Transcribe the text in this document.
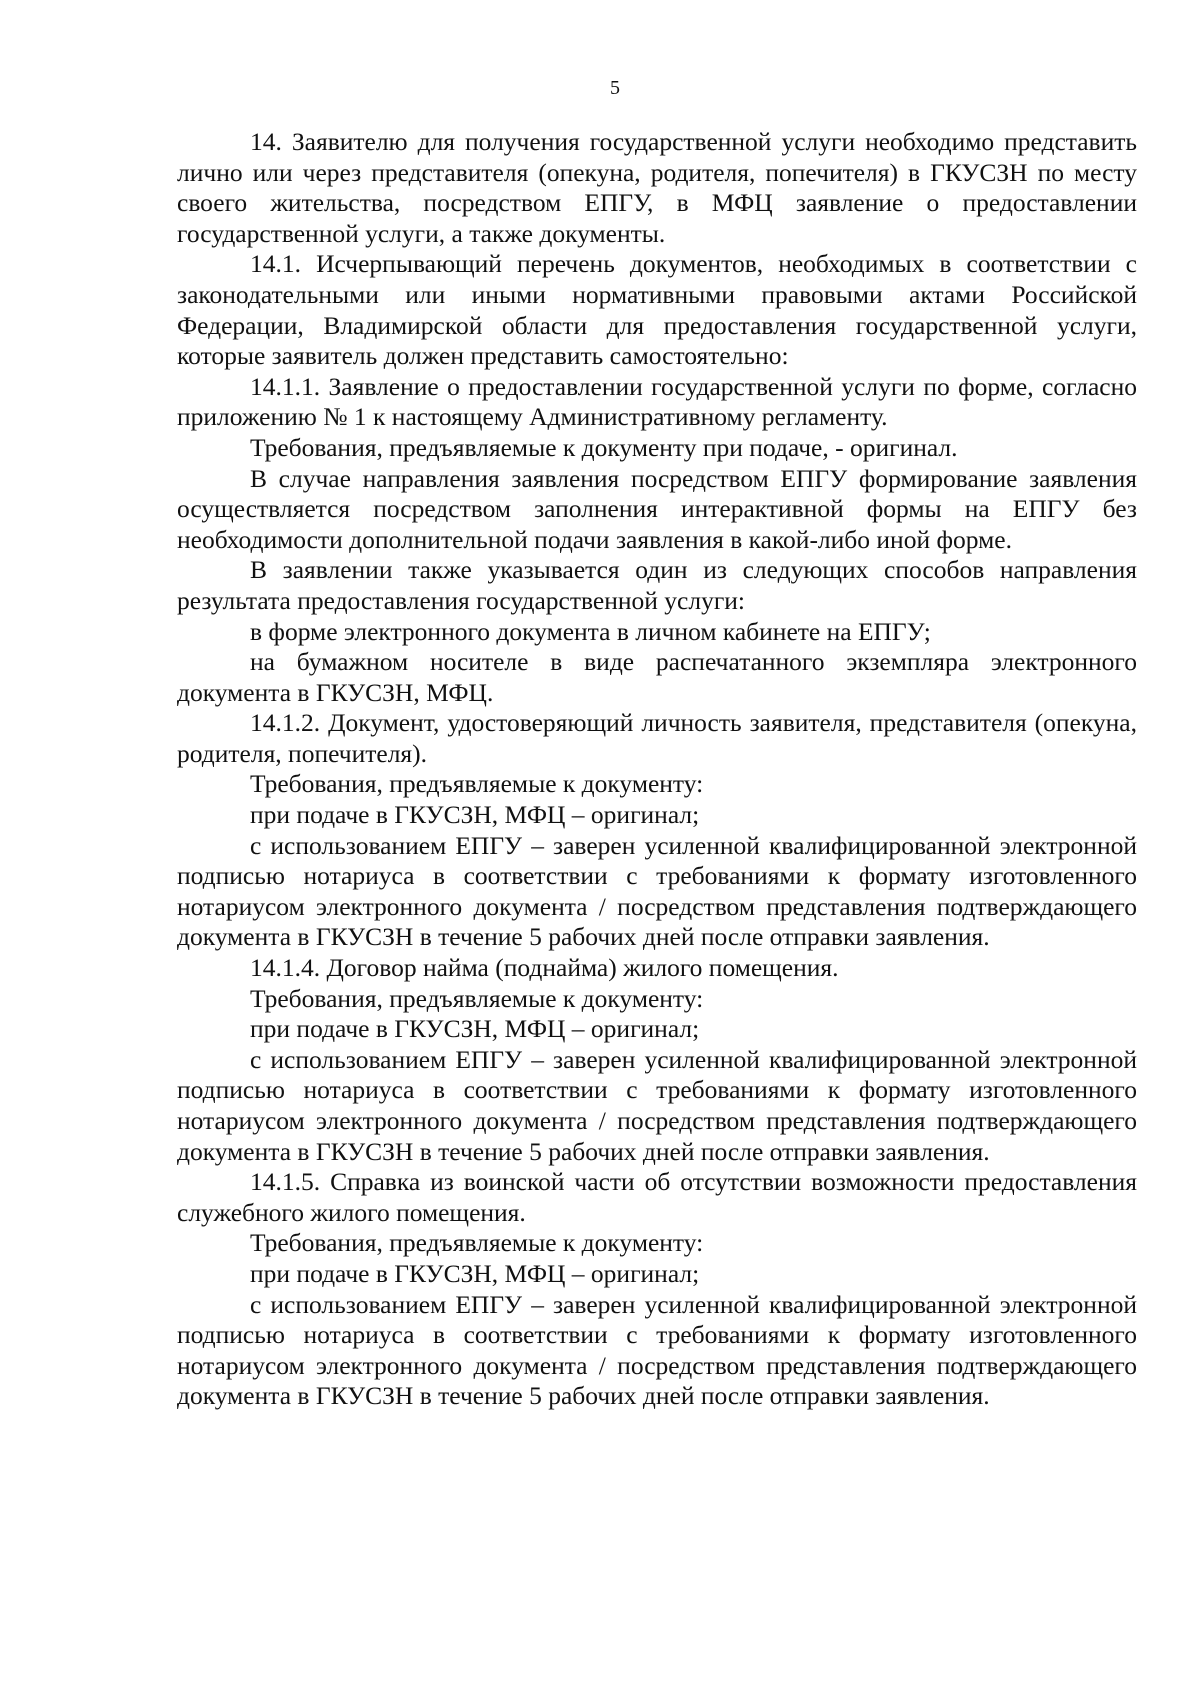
5

14. Заявителю для получения государственной услуги необходимо представить лично или через представителя (опекуна, родителя, попечителя) в ГКУСЗН по месту своего жительства, посредством ЕПГУ, в МФЦ заявление о предоставлении государственной услуги, а также документы.

14.1. Исчерпывающий перечень документов, необходимых в соответствии с законодательными или иными нормативными правовыми актами Российской Федерации, Владимирской области для предоставления государственной услуги, которые заявитель должен представить самостоятельно:

14.1.1. Заявление о предоставлении государственной услуги по форме, согласно приложению № 1 к настоящему Административному регламенту.

Требования, предъявляемые к документу при подаче, - оригинал.

В случае направления заявления посредством ЕПГУ формирование заявления осуществляется посредством заполнения интерактивной формы на ЕПГУ без необходимости дополнительной подачи заявления в какой-либо иной форме.

В заявлении также указывается один из следующих способов направления результата предоставления государственной услуги:

в форме электронного документа в личном кабинете на ЕПГУ;

на бумажном носителе в виде распечатанного экземпляра электронного документа в ГКУСЗН, МФЦ.

14.1.2. Документ, удостоверяющий личность заявителя, представителя (опекуна, родителя, попечителя).

Требования, предъявляемые к документу:

при подаче в ГКУСЗН, МФЦ – оригинал;

с использованием ЕПГУ – заверен усиленной квалифицированной электронной подписью нотариуса в соответствии с требованиями к формату изготовленного нотариусом электронного документа / посредством представления подтверждающего документа в ГКУСЗН в течение 5 рабочих дней после отправки заявления.

14.1.4. Договор найма (поднайма) жилого помещения.

Требования, предъявляемые к документу:

при подаче в ГКУСЗН, МФЦ – оригинал;

с использованием ЕПГУ – заверен усиленной квалифицированной электронной подписью нотариуса в соответствии с требованиями к формату изготовленного нотариусом электронного документа / посредством представления подтверждающего документа в ГКУСЗН в течение 5 рабочих дней после отправки заявления.

14.1.5. Справка из воинской части об отсутствии возможности предоставления служебного жилого помещения.

Требования, предъявляемые к документу:

при подаче в ГКУСЗН, МФЦ – оригинал;

с использованием ЕПГУ – заверен усиленной квалифицированной электронной подписью нотариуса в соответствии с требованиями к формату изготовленного нотариусом электронного документа / посредством представления подтверждающего документа в ГКУСЗН в течение 5 рабочих дней после отправки заявления.
